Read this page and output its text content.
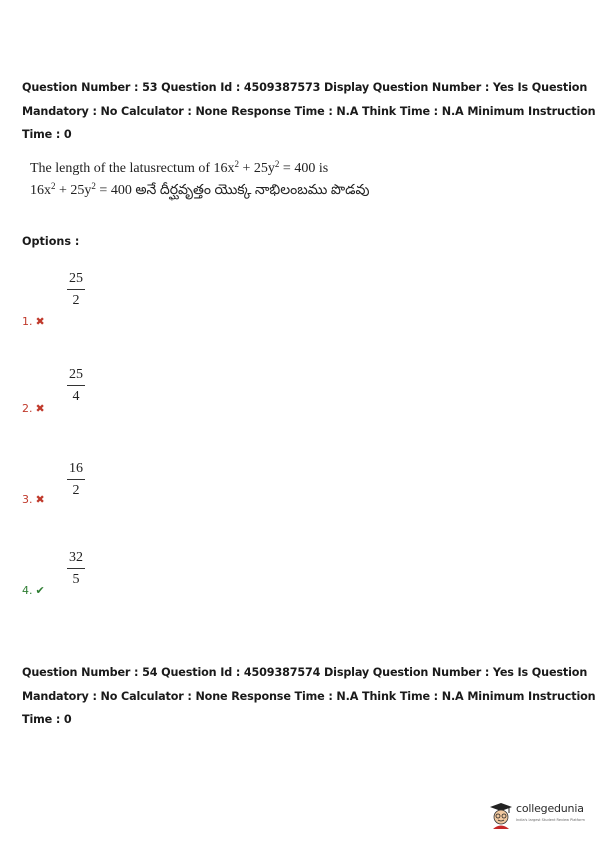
Question Number : 53 Question Id : 4509387573 Display Question Number : Yes Is Question
Mandatory : No Calculator : None Response Time : N.A Think Time : N.A Minimum Instruction
Time : 0
The length of the latusrectum of $16x^2 + 25y^2 = 400$ is
$16x^2 + 25y^2 = 400$ అనే దీర్ఘవృత్తం యొక్క నాభిలంబము పొడవు
Options :
25
2
1. ✖
25
4
2. ✖
16
2
3. ✖
32
5
4. ✔
Question Number : 54 Question Id : 4509387574 Display Question Number : Yes Is Question
Mandatory : No Calculator : None Response Time : N.A Think Time : N.A Minimum Instruction
Time : 0
collegedunia
India's largest Student Review Platform
